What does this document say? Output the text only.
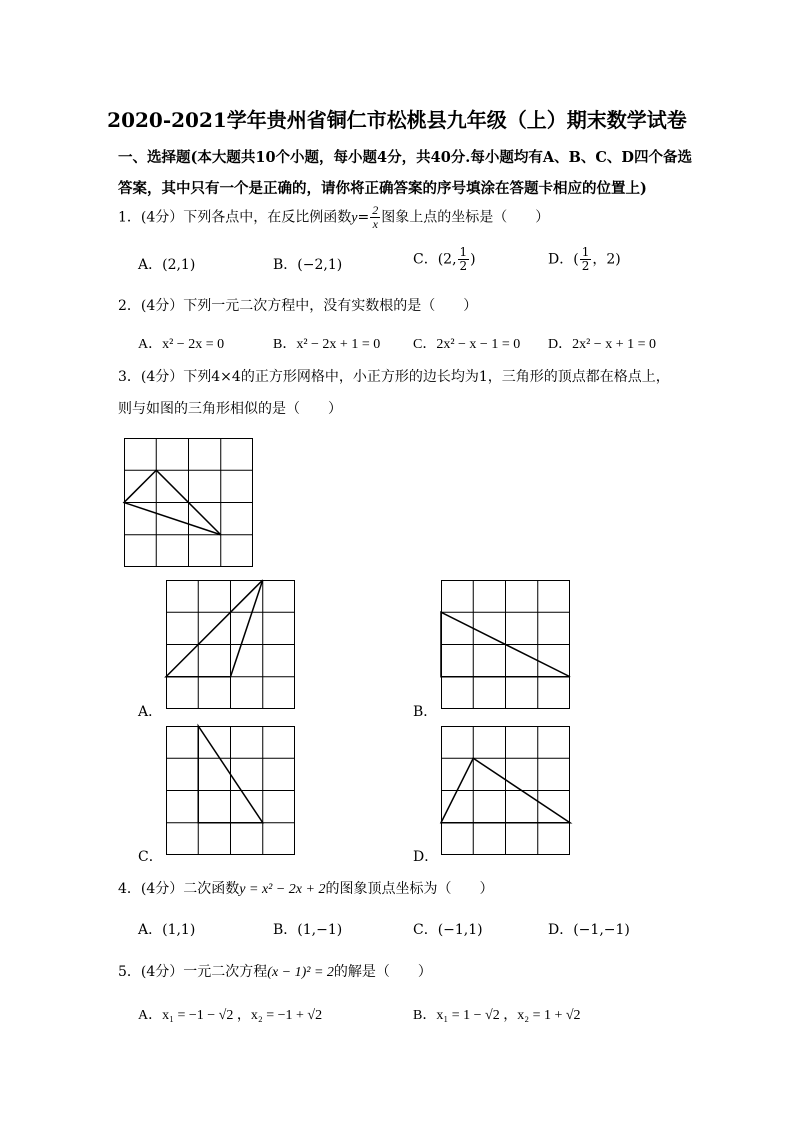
2020-2021学年贵州省铜仁市松桃县九年级（上）期末数学试卷
一、选择题(本大题共10个小题，每小题4分，共40分.每小题均有A、B、C、D四个备选
答案，其中只有一个是正确的，请你将正确答案的序号填涂在答题卡相应的位置上)
1．(4分）下列各点中，在反比例函数$y= \frac{2}{x}$ 图象上点的坐标是（　　）
A．(2,1)	B．(−2,1)	C．(2, $\frac{1}{2}$ )	D．( $\frac{1}{2}$ ，2)
2．(4分）下列一元二次方程中，没有实数根的是（　　）
A．x² − 2x = 0	B．x² − 2x + 1 = 0 C．2x² − x − 1 = 0 D．2x² − x + 1 = 0
3．(4分）下列4×4的正方形网格中，小正方形的边长均为1，三角形的顶点都在格点上，
则与如图的三角形相似的是（　　）
A．	B．
C．	D．
4．(4分）二次函数y = x² − 2x + 2的图象顶点坐标为（　　）
A．(1,1)	B．(1,−1)	C．(−1,1)	D．(−1,−1)
5．(4分）一元二次方程(x − 1)² = 2的解是（　　）
A．x₁ = −1 − √2 ，x₂ = −1 + √2	B．x₁ = 1 − √2 ，x₂ = 1 + √2
